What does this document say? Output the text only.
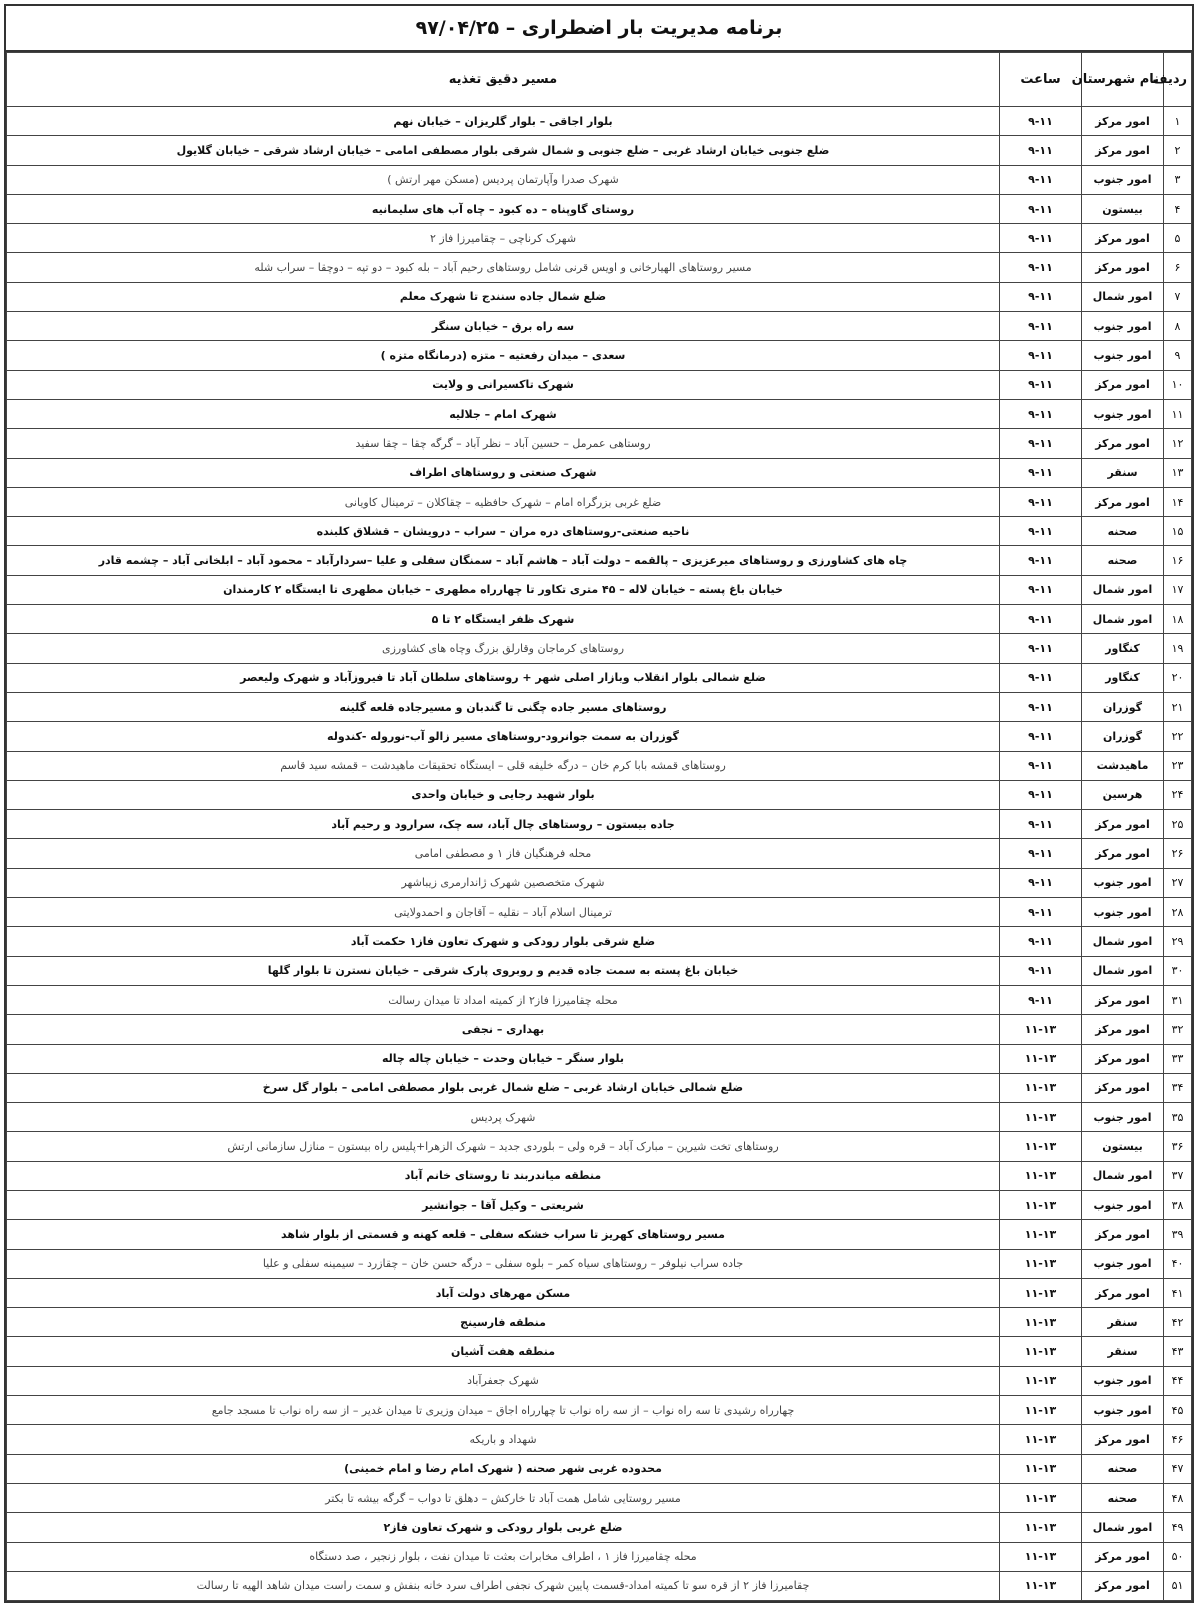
برنامه مدیریت بار اضطراری – ۹۷/۰۴/۲۵
ردیف	نام شهرستان	ساعت	مسیر دقیق تغذیه
۱	امور مرکز	۹-۱۱	بلوار اجاقی – بلوار گلریزان – خیابان نهم
۲	امور مرکز	۹-۱۱	ضلع جنوبی خیابان ارشاد غربی – ضلع جنوبی و شمال شرقی بلوار مصطفی امامی – خیابان ارشاد شرقی – خیابان گلایول
۳	امور جنوب	۹-۱۱	شهرک صدرا وآپارتمان پردیس (مسکن مهر ارتش )
۴	بیستون	۹-۱۱	روستای گاوپناه – ده کبود – چاه آب های سلیمانیه
۵	امور مرکز	۹-۱۱	شهرک کرناچی – چقامیرزا فاز ۲
۶	امور مرکز	۹-۱۱	مسیر روستاهای الهیارخانی و اویس قرنی شامل روستاهای رحیم آباد – بله کبود – دو تپه – دوچقا – سراب شله
۷	امور شمال	۹-۱۱	ضلع شمال جاده سنندج تا شهرک معلم
۸	امور جنوب	۹-۱۱	سه راه برق – خیابان سنگر
۹	امور جنوب	۹-۱۱	سعدی – میدان رفعتیه – متزه (درمانگاه متزه )
۱۰	امور مرکز	۹-۱۱	شهرک تاکسیرانی و ولایت
۱۱	امور جنوب	۹-۱۱	شهرک امام – جلالیه
۱۲	امور مرکز	۹-۱۱	روستاهی عمرمل – حسین آباد – نظر آباد – گرگه چقا – چقا سفید
۱۳	سنقر	۹-۱۱	شهرک صنعتی و روستاهای اطراف
۱۴	امور مرکز	۹-۱۱	ضلع غربی بزرگراه امام – شهرک حافظیه – چقاکلان – ترمینال کاویانی
۱۵	صحنه	۹-۱۱	ناحیه صنعتی-روستاهای دره مران – سراب – درویشان – قشلاق کلبنده
۱۶	صحنه	۹-۱۱	چاه های کشاورزی و روستاهای میرعزیزی – پالقمه – دولت آباد – هاشم آباد – سمنگان سفلی و علیا –سردارآباد – محمود آباد – ابلخانی آباد – چشمه قادر
۱۷	امور شمال	۹-۱۱	خیابان باغ پسته – خیابان لاله – ۴۵ متری تکاور تا چهارراه مطهری – خیابان مطهری تا ایستگاه ۲ کارمندان
۱۸	امور شمال	۹-۱۱	شهرک ظفر ایستگاه ۲ تا ۵
۱۹	کنگاور	۹-۱۱	روستاهای کرماجان وقارلق بزرگ وچاه های کشاورزی
۲۰	کنگاور	۹-۱۱	ضلع شمالی بلوار انقلاب وبازار اصلی شهر + روستاهای سلطان آباد تا فیروزآباد و شهرک ولیعصر
۲۱	گوزران	۹-۱۱	روستاهای مسیر جاده چگنی تا گندبان و مسیرجاده قلعه گلینه
۲۲	گوزران	۹-۱۱	گوزران به سمت جوانرود-روستاهای مسیر زالو آب-نوروله -کندوله
۲۳	ماهیدشت	۹-۱۱	روستاهای قمشه بابا کرم خان – درگه خلیفه قلی – ایستگاه تحقیقات ماهیدشت – قمشه سید قاسم
۲۴	هرسین	۹-۱۱	بلوار شهید رجایی و خیابان واحدی
۲۵	امور مرکز	۹-۱۱	جاده بیستون – روستاهای چال آباد، سه چک، سرارود و رحیم آباد
۲۶	امور مرکز	۹-۱۱	محله فرهنگیان فاز ۱ و مصطفی امامی
۲۷	امور جنوب	۹-۱۱	شهرک متخصصین شهرک ژاندارمری زیباشهر
۲۸	امور جنوب	۹-۱۱	ترمینال اسلام آباد – نقلیه – آقاجان و احمدولایتی
۲۹	امور شمال	۹-۱۱	ضلع شرقی بلوار رودکی و شهرک تعاون فاز۱ حکمت آباد
۳۰	امور شمال	۹-۱۱	خیابان باغ پسته به سمت جاده قدیم و روبروی پارک شرقی – خیابان نسترن تا بلوار گلها
۳۱	امور مرکز	۹-۱۱	محله چقامیرزا فاز۲ از کمیته امداد تا میدان رسالت
۳۲	امور مرکز	۱۱-۱۳	بهداری – نجفی
۳۳	امور مرکز	۱۱-۱۳	بلوار سنگر – خیابان وحدت – خیابان چاله چاله
۳۴	امور مرکز	۱۱-۱۳	ضلع شمالی خیابان ارشاد غربی – ضلع شمال غربی بلوار مصطفی امامی – بلوار گل سرخ
۳۵	امور جنوب	۱۱-۱۳	شهرک پردیس
۳۶	بیستون	۱۱-۱۳	روستاهای تخت شیرین – مبارک آباد – قره ولی – بلوردی جدید – شهرک الزهرا+پلیس راه بیستون – منازل سازمانی ارتش
۳۷	امور شمال	۱۱-۱۳	منطقه میاندربند تا روستای خانم آباد
۳۸	امور جنوب	۱۱-۱۳	شریعتی – وکیل آقا – جوانشیر
۳۹	امور مرکز	۱۱-۱۳	مسیر روستاهای کهریز تا سراب خشکه سفلی – قلعه کهنه و قسمتی از بلوار شاهد
۴۰	امور جنوب	۱۱-۱۳	جاده سراب نیلوفر – روستاهای سیاه کمر – بلوه سفلی – درگه حسن خان – چقازرد – سیمینه سفلی و علیا
۴۱	امور مرکز	۱۱-۱۳	مسکن مهرهای دولت آباد
۴۲	سنقر	۱۱-۱۳	منطقه فارسینج
۴۳	سنقر	۱۱-۱۳	منطقه هفت آشیان
۴۴	امور جنوب	۱۱-۱۳	شهرک جعفرآباد
۴۵	امور جنوب	۱۱-۱۳	چهارراه رشیدی تا سه راه نواب – از سه راه نواب تا چهارراه اجاق – میدان وزیری تا میدان غدیر – از سه راه نواب تا مسجد جامع
۴۶	امور مرکز	۱۱-۱۳	شهداد و باریکه
۴۷	صحنه	۱۱-۱۳	محدوده غربی شهر صحنه ( شهرک امام رضا و امام خمینی)
۴۸	صحنه	۱۱-۱۳	مسیر روستایی شامل همت آباد تا خارکش – دهلق تا دواب – گرگه بیشه تا بکتر
۴۹	امور شمال	۱۱-۱۳	ضلع غربی بلوار رودکی و شهرک تعاون فاز۲
۵۰	امور مرکز	۱۱-۱۳	محله چقامیرزا فاز ۱ ، اطراف مخابرات بعثت تا میدان نفت ، بلوار زنجیر ، صد دستگاه
۵۱	امور مرکز	۱۱-۱۳	چقامیرزا فاز ۲ از قره سو تا کمیته امداد-قسمت پایین شهرک نجفی اطراف سرد خانه بنفش و سمت راست میدان شاهد الهیه تا رسالت
